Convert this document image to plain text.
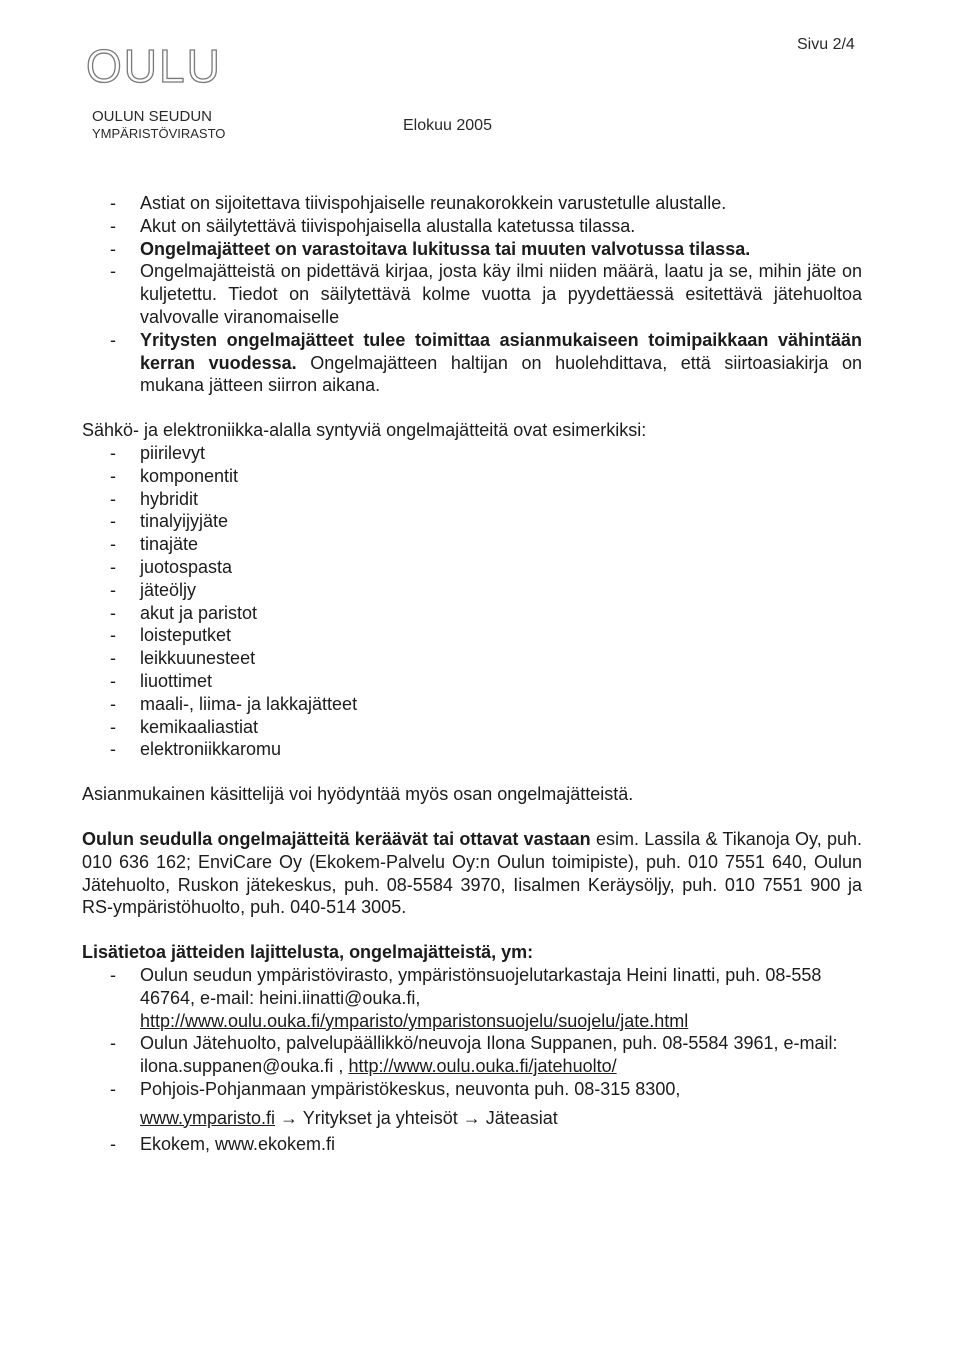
OULU
OULUN SEUDUN
YMPÄRISTÖVIRASTO	Elokuu 2005
Sivu 2/4
- Astiat on sijoitettava tiivispohjaiselle reunakorokkein varustetulle alustalle.
- Akut on säilytettävä tiivispohjaisella alustalla katetussa tilassa.
- Ongelmajätteet on varastoitava lukitussa tai muuten valvotussa tilassa.
- Ongelmajätteistä on pidettävä kirjaa, josta käy ilmi niiden määrä, laatu ja se, mihin jäte on kuljetettu. Tiedot on säilytettävä kolme vuotta ja pyydettäessä esitettävä jätehuoltoa valvovalle viranomaiselle
- Yritysten ongelmajätteet tulee toimittaa asianmukaiseen toimipaikkaan vähintään kerran vuodessa. Ongelmajätteen haltijan on huolehdittava, että siirtoasiakirja on mukana jätteen siirron aikana.

Sähkö- ja elektroniikka-alalla syntyviä ongelmajätteitä ovat esimerkiksi:

- piirilevyt
- komponentit
- hybridit
- tinalyijyjäte
- tinajäte
- juotospasta
- jäteöljy
- akut ja paristot
- loisteputket
- leikkuunesteet
- liuottimet
- maali-, liima- ja lakkajätteet
- kemikaaliastiat
- elektroniikkaromu

Asianmukainen käsittelijä voi hyödyntää myös osan ongelmajätteistä.

Oulun seudulla ongelmajätteitä keräävät tai ottavat vastaan esim. Lassila & Tikanoja Oy, puh. 010 636 162; EnviCare Oy (Ekokem-Palvelu Oy:n Oulun toimipiste), puh. 010 7551 640, Oulun Jätehuolto, Ruskon jätekeskus, puh. 08-5584 3970, Iisalmen Keräysöljy, puh. 010 7551 900 ja RS-ympäristöhuolto, puh. 040-514 3005.

Lisätietoa jätteiden lajittelusta, ongelmajätteistä, ym:

- Oulun seudun ympäristövirasto, ympäristönsuojelutarkastaja Heini Iinatti, puh. 08-558 46764, e-mail: heini.iinatti@ouka.fi,
http://www.oulu.ouka.fi/ymparisto/ymparistonsuojelu/suojelu/jate.html
- Oulun Jätehuolto, palvelupäällikkö/neuvoja Ilona Suppanen, puh. 08-5584 3961, e-mail: ilona.suppanen@ouka.fi , http://www.oulu.ouka.fi/jatehuolto/
- Pohjois-Pohjanmaan ympäristökeskus, neuvonta puh. 08-315 8300,
www.ymparisto.fi → Yritykset ja yhteisöt → Jäteasiat
- Ekokem, www.ekokem.fi
